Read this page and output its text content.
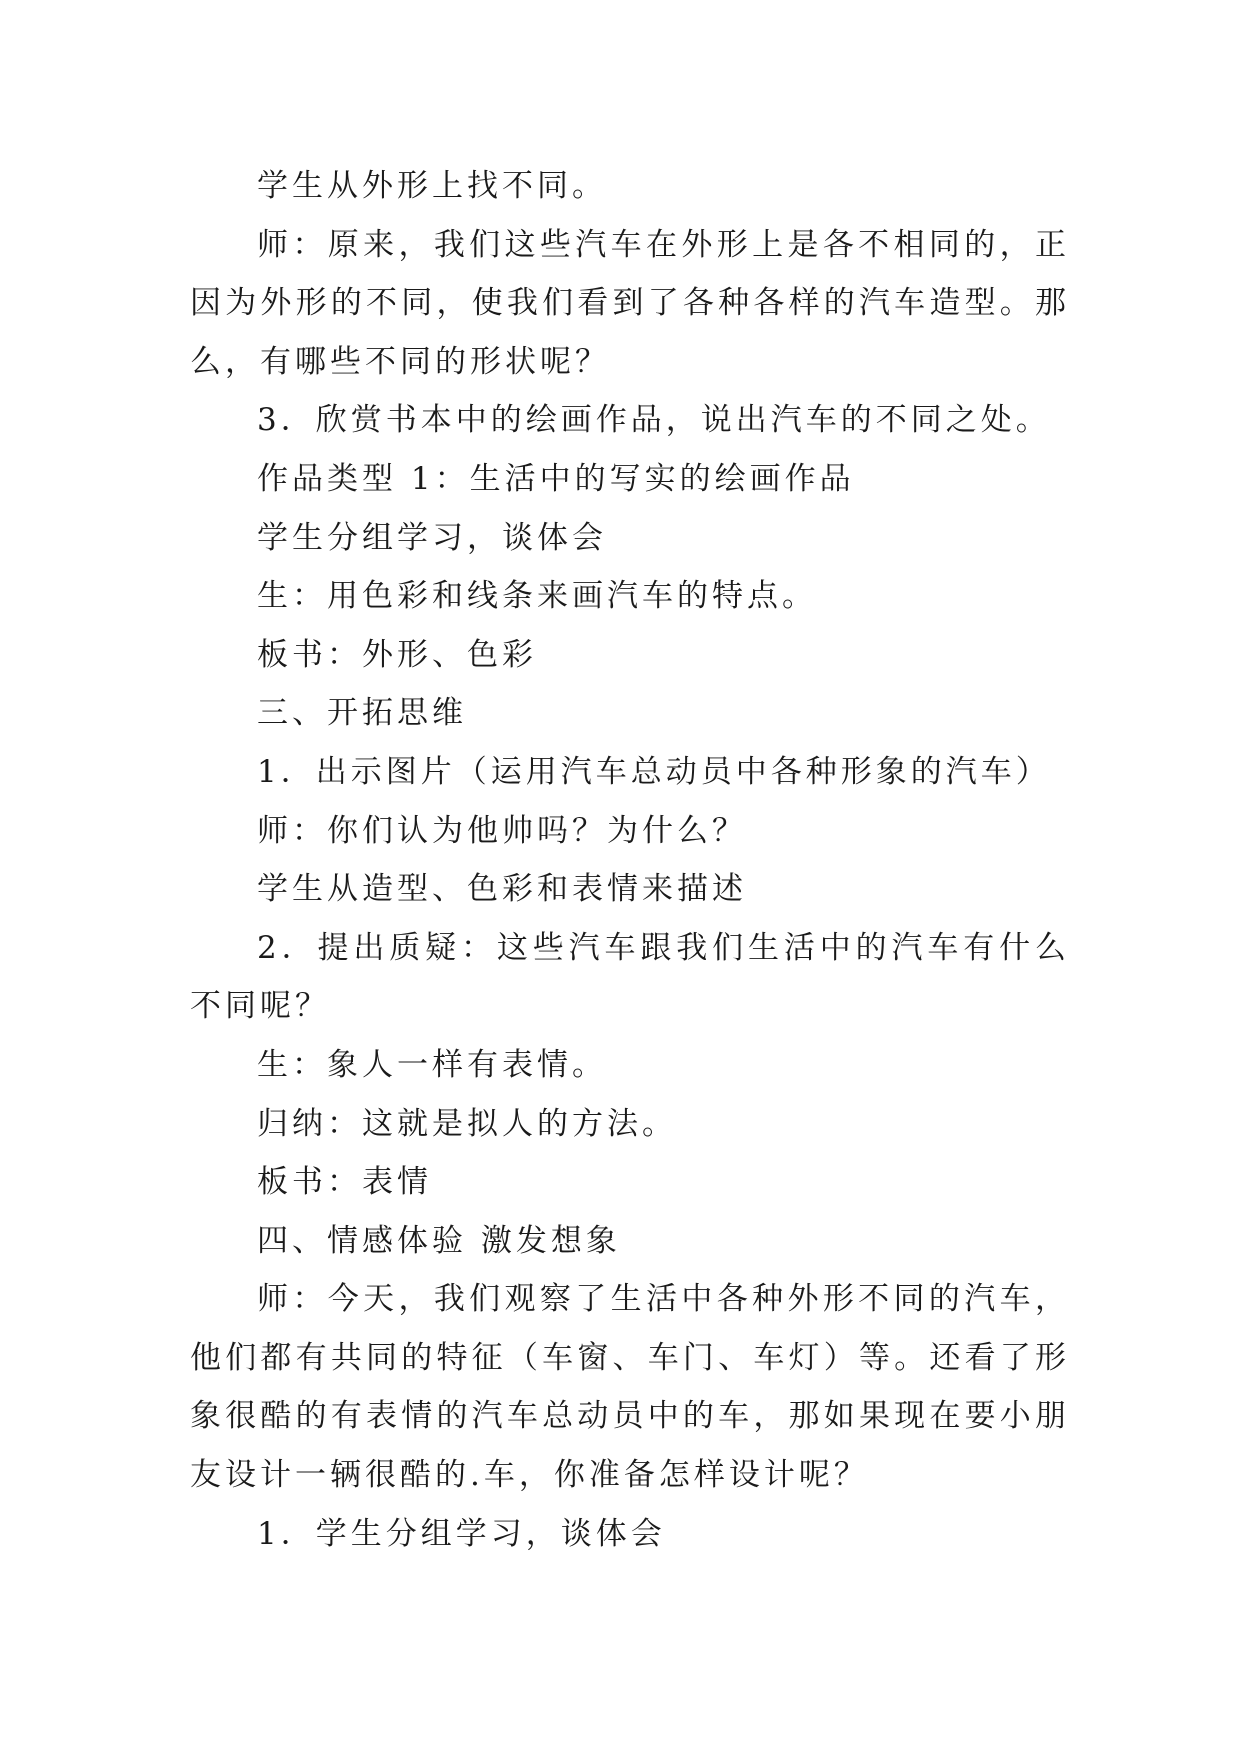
学生从外形上找不同。

师：原来，我们这些汽车在外形上是各不相同的，正因为外形的不同，使我们看到了各种各样的汽车造型。那么，有哪些不同的形状呢？

3．欣赏书本中的绘画作品，说出汽车的不同之处。

作品类型 1：生活中的写实的绘画作品

学生分组学习，谈体会

生：用色彩和线条来画汽车的特点。

板书：外形、色彩

三、开拓思维

1．出示图片（运用汽车总动员中各种形象的汽车）

师：你们认为他帅吗？为什么？

学生从造型、色彩和表情来描述

2．提出质疑：这些汽车跟我们生活中的汽车有什么不同呢？

生：象人一样有表情。

归纳：这就是拟人的方法。

板书：表情

四、情感体验 激发想象

师：今天，我们观察了生活中各种外形不同的汽车，他们都有共同的特征（车窗、车门、车灯）等。还看了形象很酷的有表情的汽车总动员中的车，那如果现在要小朋友设计一辆很酷的.车，你准备怎样设计呢？

1．学生分组学习，谈体会
